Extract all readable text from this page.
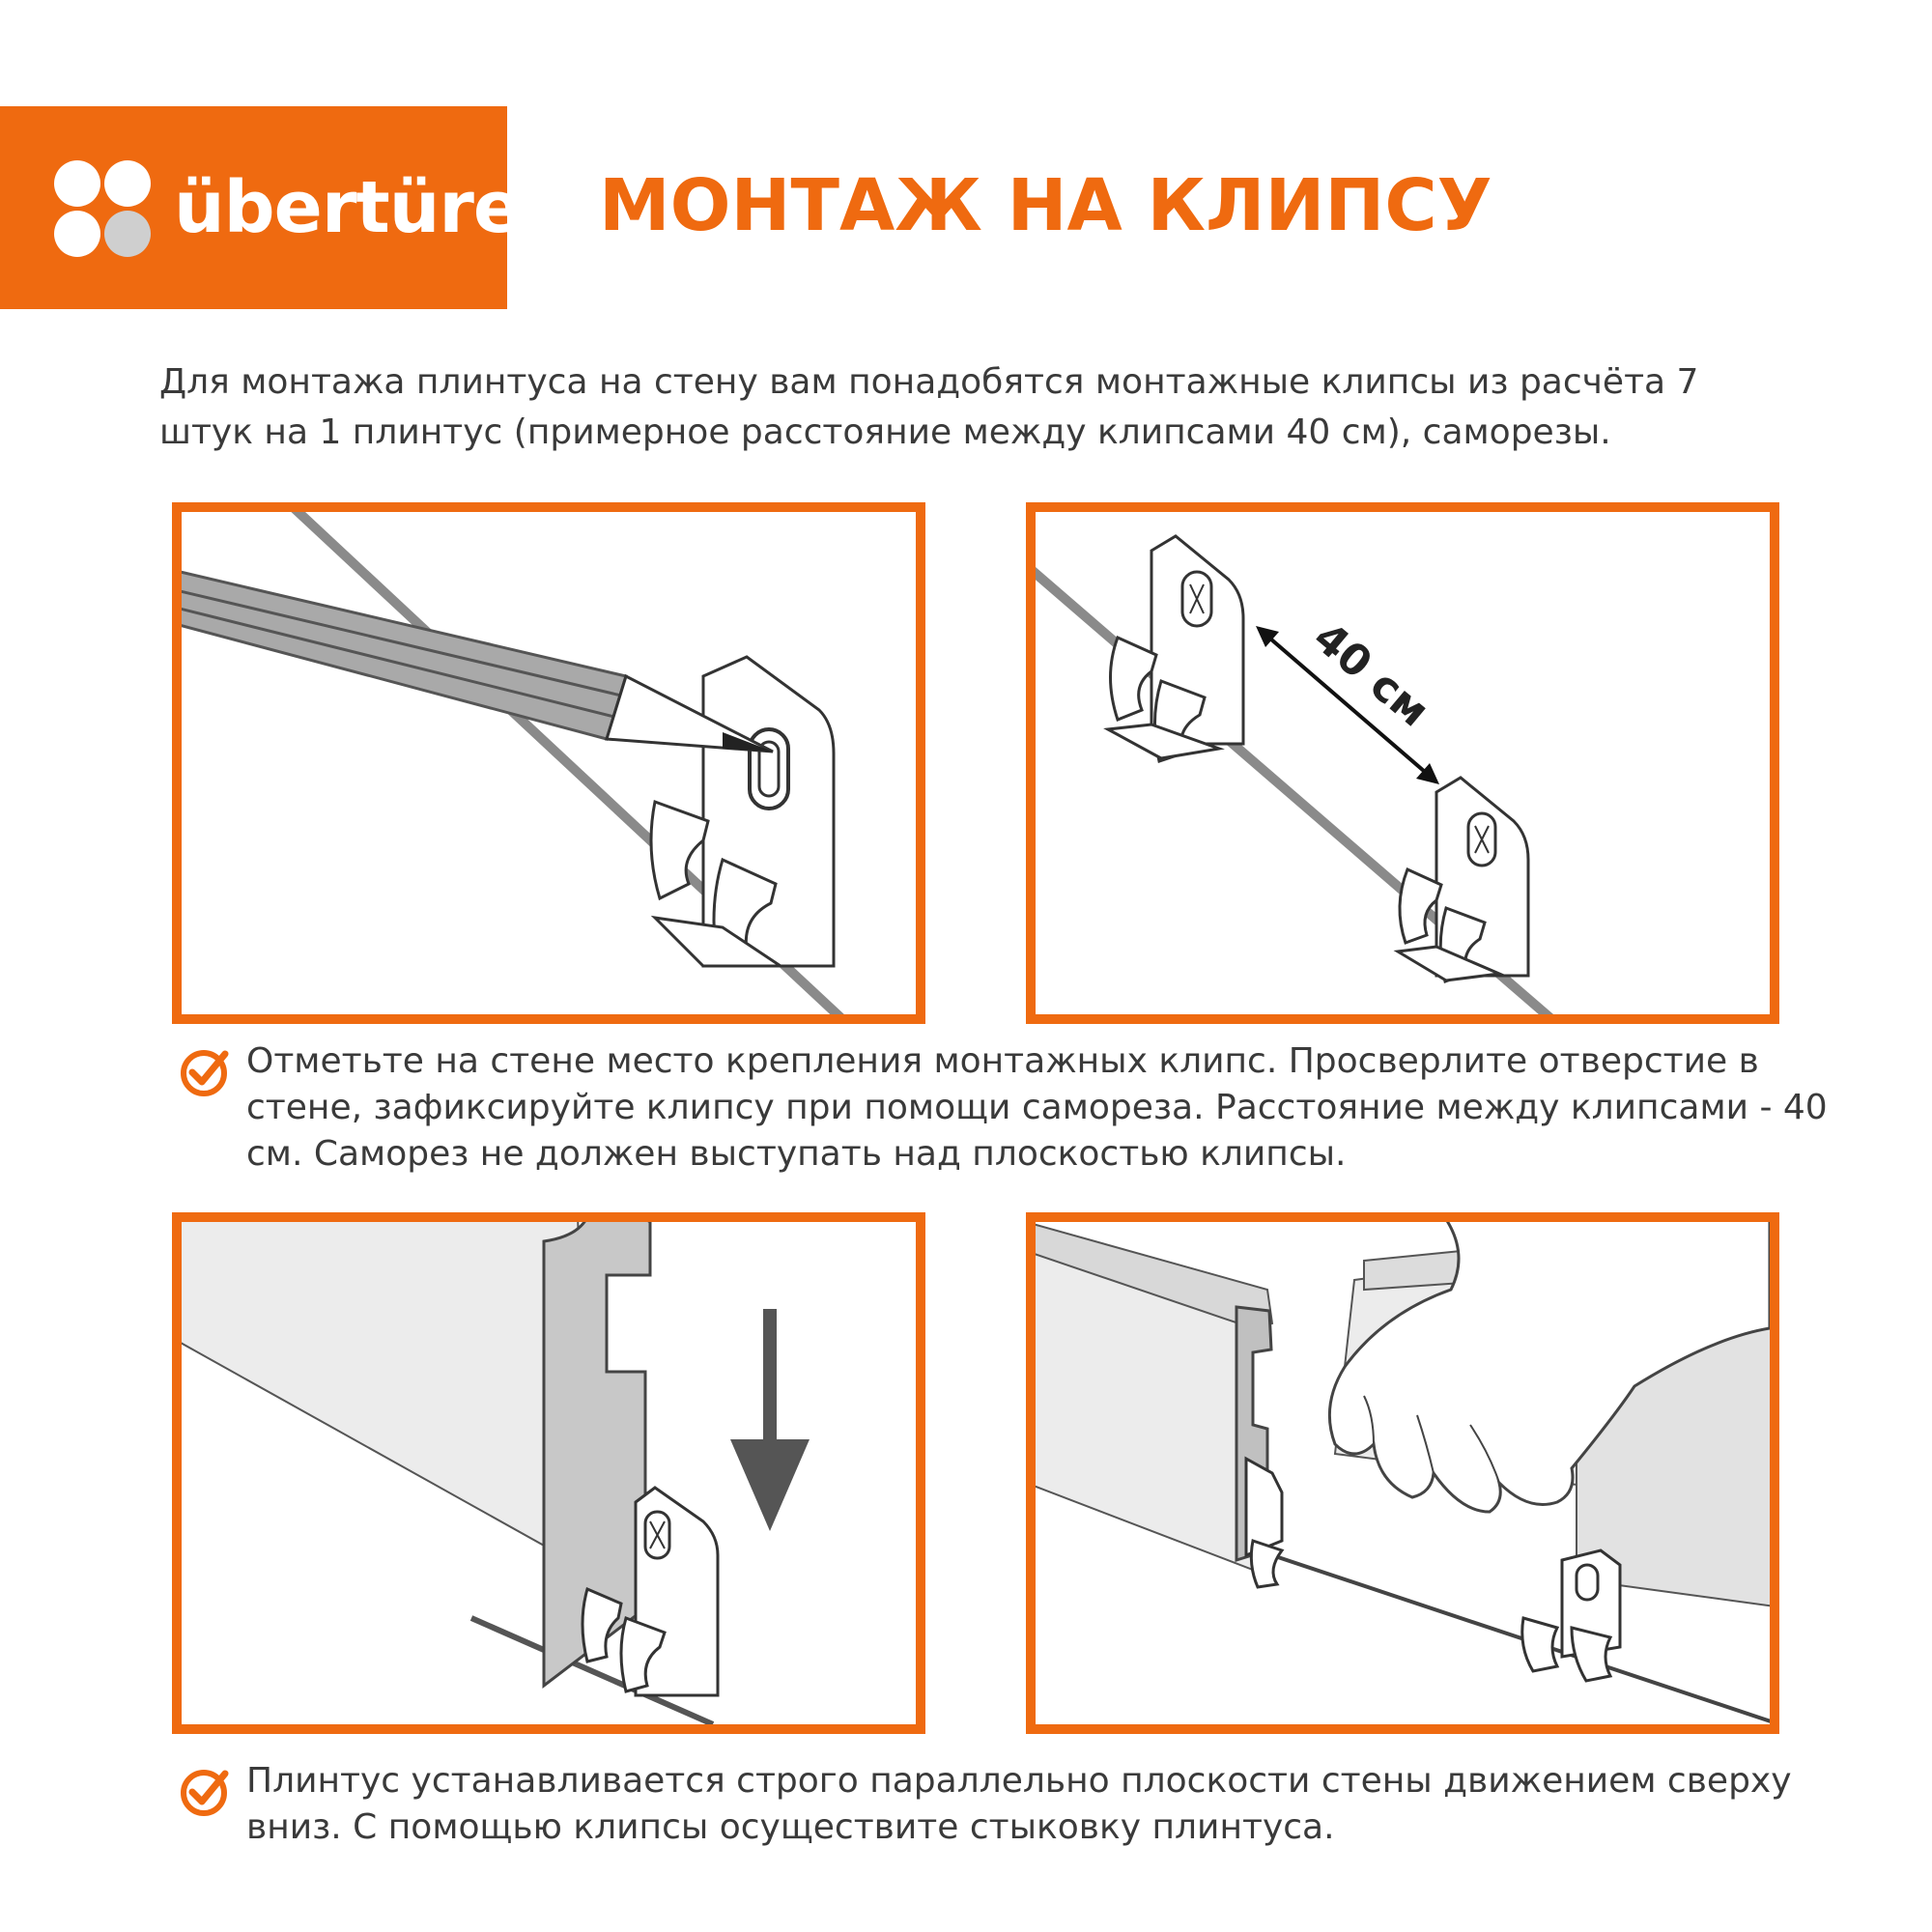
übertüre МОНТАЖ НА КЛИПСУ
Для монтажа плинтуса на стену вам понадобятся монтажные клипсы из расчёта 7 штук на 1 плинтус (примерное расстояние между клипсами 40 см), саморезы.
40 см
Отметьте на стене место крепления монтажных клипс. Просверлите отверстие в стене, зафиксируйте клипсу при помощи самореза. Расстояние между клипсами - 40 см. Саморез не должен выступать над плоскостью клипсы.
Плинтус устанавливается строго параллельно плоскости стены движением сверху вниз. С помощью клипсы осуществите стыковку плинтуса.
